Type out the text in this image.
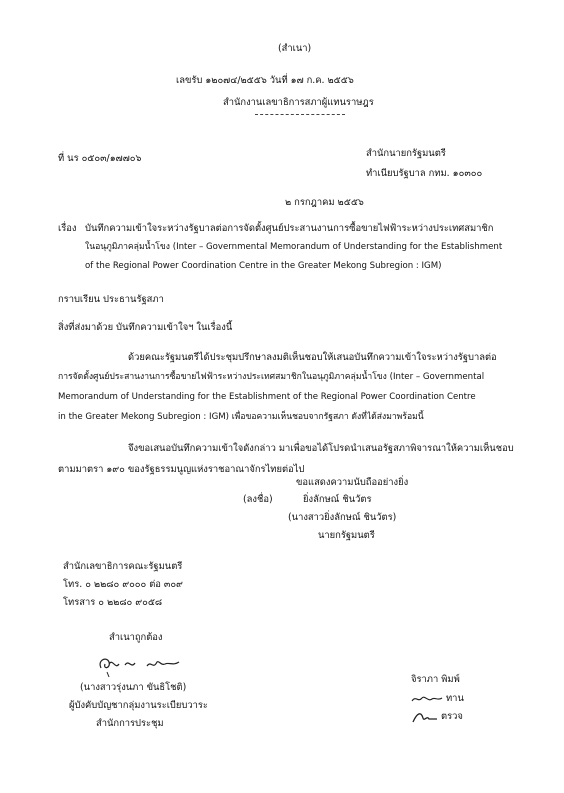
(สำเนา)
เลขรับ ๑๒๐๗๔/๒๕๕๖ วันที่ ๑๗ ก.ค. ๒๕๕๖
สำนักงานเลขาธิการสภาผู้แทนราษฎร
ที่ นร ๐๕๐๓/๑๗๗๐๖	สำนักนายกรัฐมนตรี
ทำเนียบรัฐบาล กทม. ๑๐๓๐๐
๒ กรกฎาคม ๒๕๕๖
เรื่อง บันทึกความเข้าใจระหว่างรัฐบาลต่อการจัดตั้งศูนย์ประสานงานการซื้อขายไฟฟ้าระหว่างประเทศสมาชิก
ในอนุภูมิภาคลุ่มน้ำโขง (Inter – Governmental Memorandum of Understanding for the Establishment
of the Regional Power Coordination Centre in the Greater Mekong Subregion : IGM)
กราบเรียน ประธานรัฐสภา
สิ่งที่ส่งมาด้วย บันทึกความเข้าใจฯ ในเรื่องนี้
ด้วยคณะรัฐมนตรีได้ประชุมปรึกษาลงมติเห็นชอบให้เสนอบันทึกความเข้าใจระหว่างรัฐบาลต่อ
การจัดตั้งศูนย์ประสานงานการซื้อขายไฟฟ้าระหว่างประเทศสมาชิกในอนุภูมิภาคลุ่มน้ำโขง (Inter – Governmental
Memorandum of Understanding for the Establishment of the Regional Power Coordination Centre
in the Greater Mekong Subregion : IGM) เพื่อขอความเห็นชอบจากรัฐสภา ดังที่ได้ส่งมาพร้อมนี้
จึงขอเสนอบันทึกความเข้าใจดังกล่าว มาเพื่อขอได้โปรดนำเสนอรัฐสภาพิจารณาให้ความเห็นชอบ
ตามมาตรา ๑๙๐ ของรัฐธรรมนูญแห่งราชอาณาจักรไทยต่อไป
ขอแสดงความนับถืออย่างยิ่ง
(ลงชื่อ)	ยิ่งลักษณ์ ชินวัตร
(นางสาวยิ่งลักษณ์ ชินวัตร)
นายกรัฐมนตรี
สำนักเลขาธิการคณะรัฐมนตรี
โทร. ๐ ๒๒๘๐ ๙๐๐๐ ต่อ ๓๐๙
โทรสาร ๐ ๒๒๘๐ ๙๐๕๘
สำเนาถูกต้อง
(นางสาวรุ่งนภา ขันธิโชติ)
ผู้บังคับบัญชากลุ่มงานระเบียบวาระ
สำนักการประชุม
จิราภา พิมพ์
ทาน
ตรวจ
